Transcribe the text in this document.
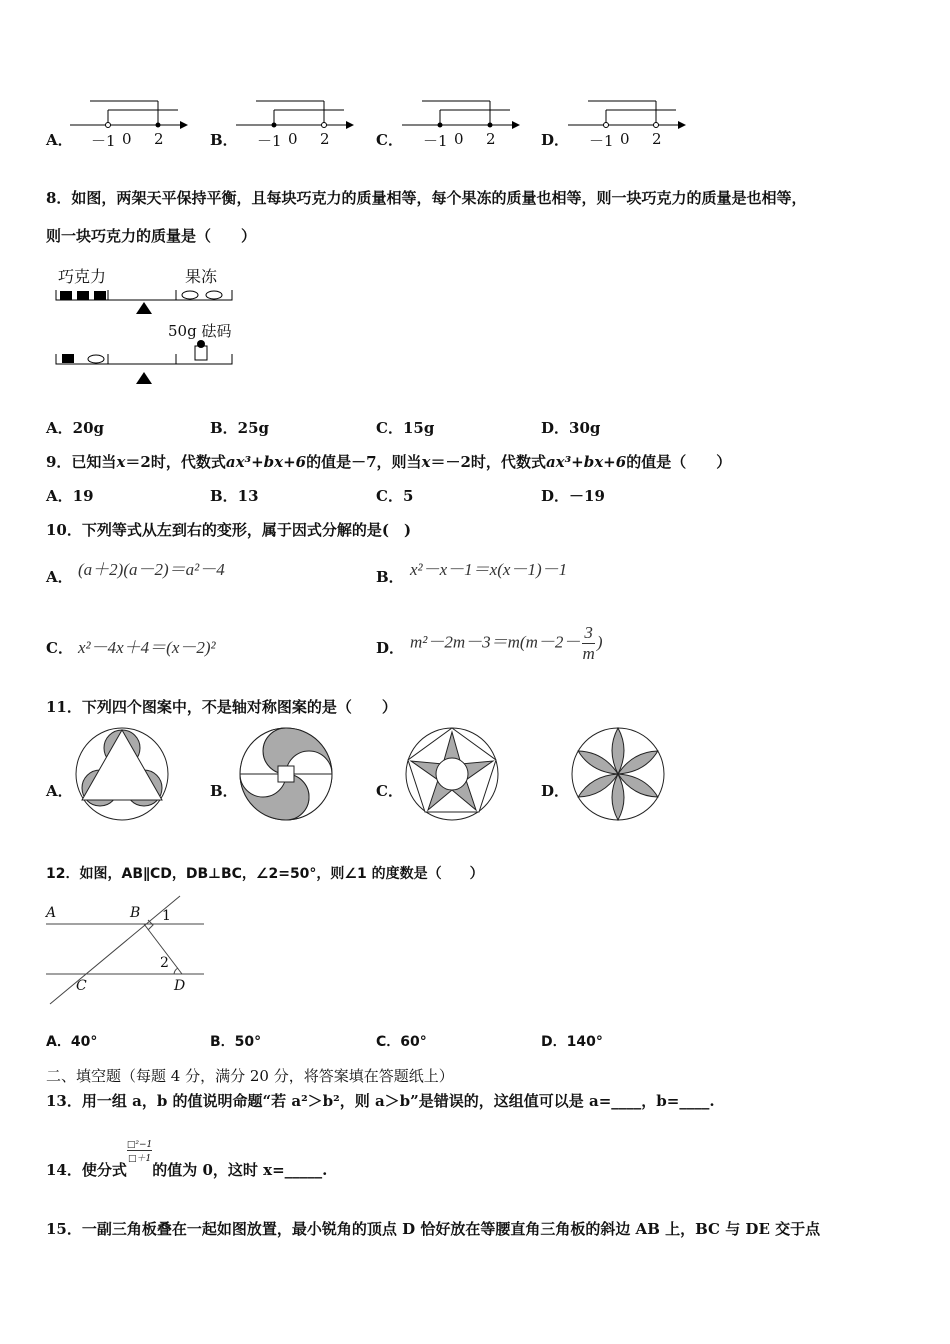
A．	B．	C．	D．
－1 0 2	－1 0 2	－1 0 2	－1 0 2
8．如图，两架天平保持平衡，且每块巧克力的质量相等，每个果冻的质量也相等，则一块巧克力的质量是也相等，
则一块巧克力的质量是（　　）
巧克力	果冻
50g 砝码
A．20g	B．25g	C．15g	D．30g
9．已知当x＝2时，代数式ax³+bx+6的值是－7，则当x＝－2时，代数式ax³+bx+6的值是（　　）
A．19	B．13	C．5	D．－19
10．下列等式从左到右的变形，属于因式分解的是(　)
A． (a＋2)(a－2)＝a²－4	B． x²－x－1＝x(x－1)－1
C． x²－4x＋4＝(x－2)²	D． $m^2-2m-3=m(m-2- \frac{3}{m}$ )
11．下列四个图案中，不是轴对称图案的是（　　）
A．	B．	C．	D．
12．如图，AB∥CD，DB⊥BC，∠2=50°，则∠1 的度数是（　　）
A	B 1
2
C	D
A．40°	B．50°	C．60°	D．140°
二、填空题（每题 4 分，满分 20 分，将答案填在答题纸上）
13．用一组 a，b 的值说明命题“若 a²＞b²，则 a＞b”是错误的，这组值可以是 a=____，b=____.
14．使分式
$\frac{\text{□²−1}}{□+1}$
的值为 0，这时 x=_____.
15．一副三角板叠在一起如图放置，最小锐角的顶点 D 恰好放在等腰直角三角板的斜边 AB 上，BC 与 DE 交于点
